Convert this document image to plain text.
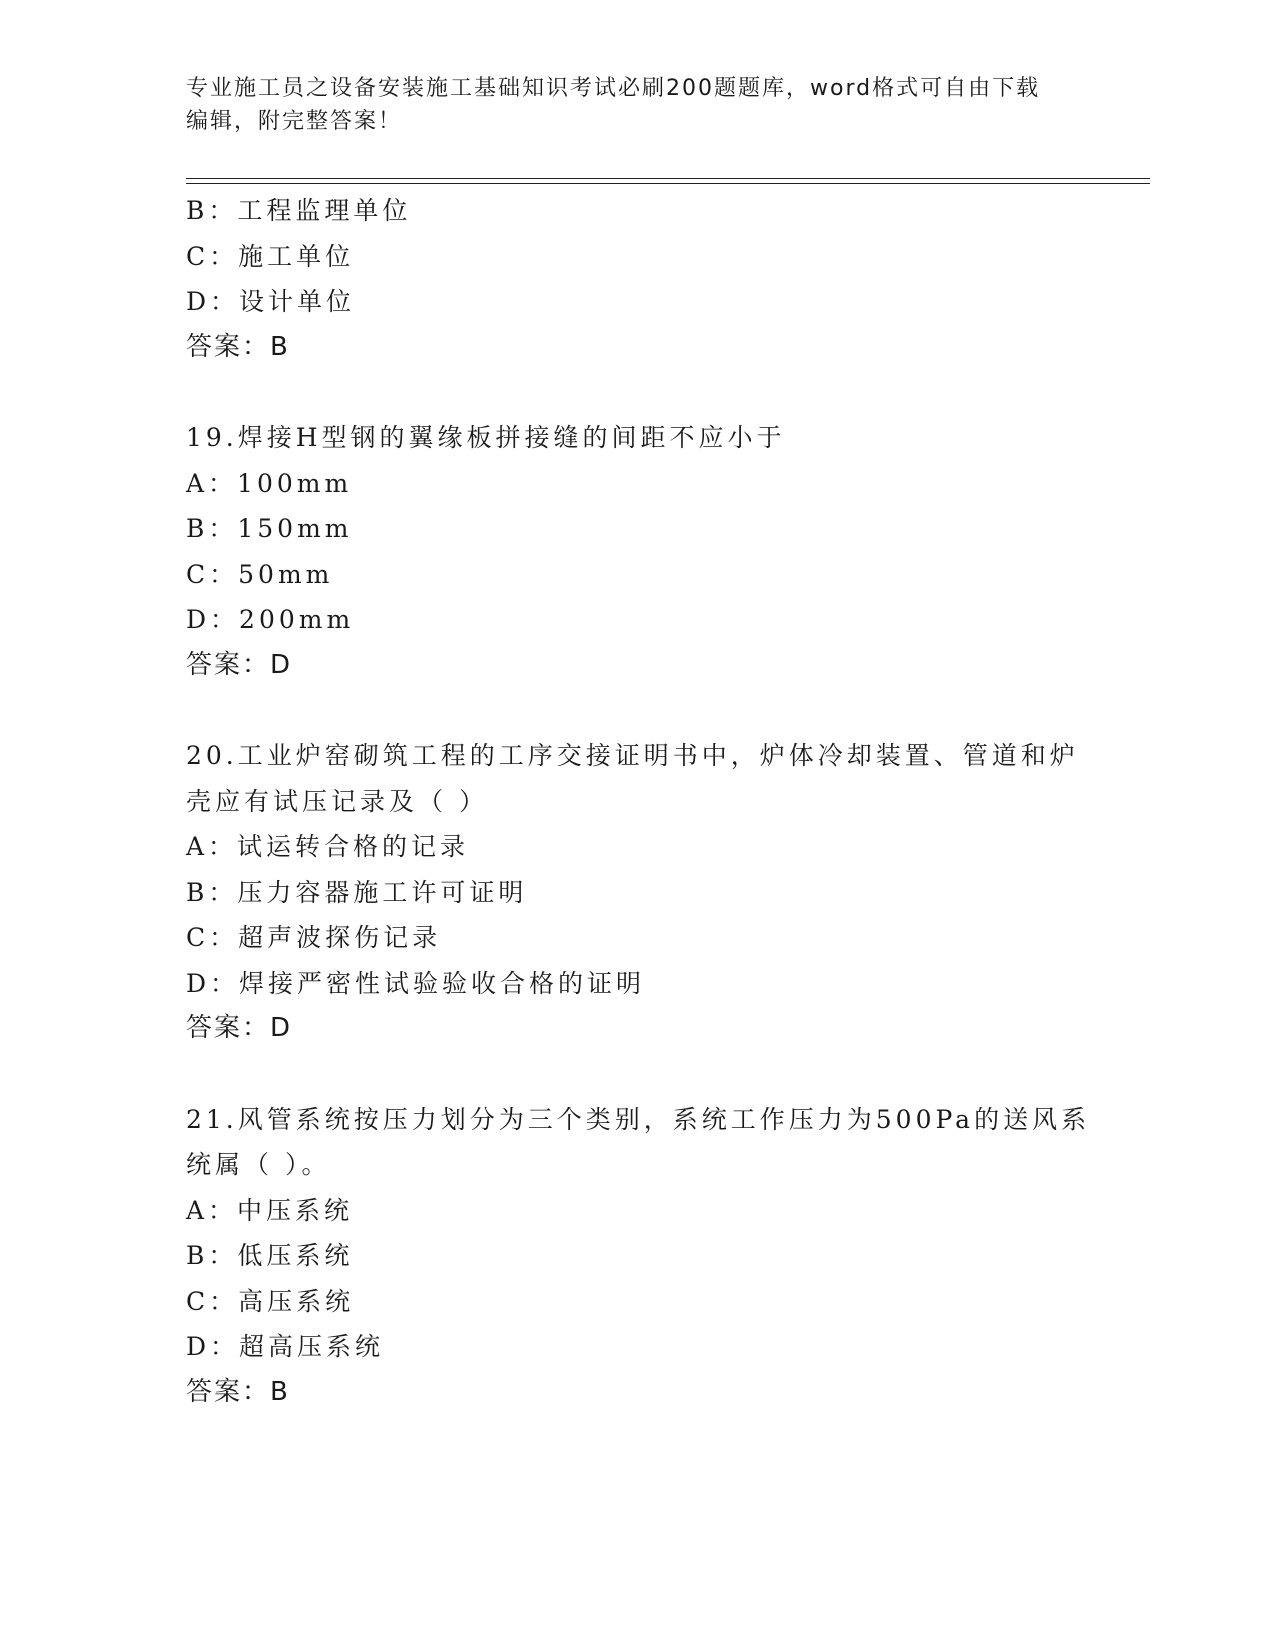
专业施工员之设备安装施工基础知识考试必刷200题题库，word格式可自由下载
编辑，附完整答案！
B：工程监理单位
C：施工单位
D：设计单位
答案：B
19.焊接H型钢的翼缘板拼接缝的间距不应小于
A：100mm
B：150mm
C：50mm
D：200mm
答案：D
20.工业炉窑砌筑工程的工序交接证明书中，炉体冷却装置、管道和炉
壳应有试压记录及（ ）
A：试运转合格的记录
B：压力容器施工许可证明
C：超声波探伤记录
D：焊接严密性试验验收合格的证明
答案：D
21.风管系统按压力划分为三个类别，系统工作压力为500Pa的送风系
统属（ ）。
A：中压系统
B：低压系统
C：高压系统
D：超高压系统
答案：B
